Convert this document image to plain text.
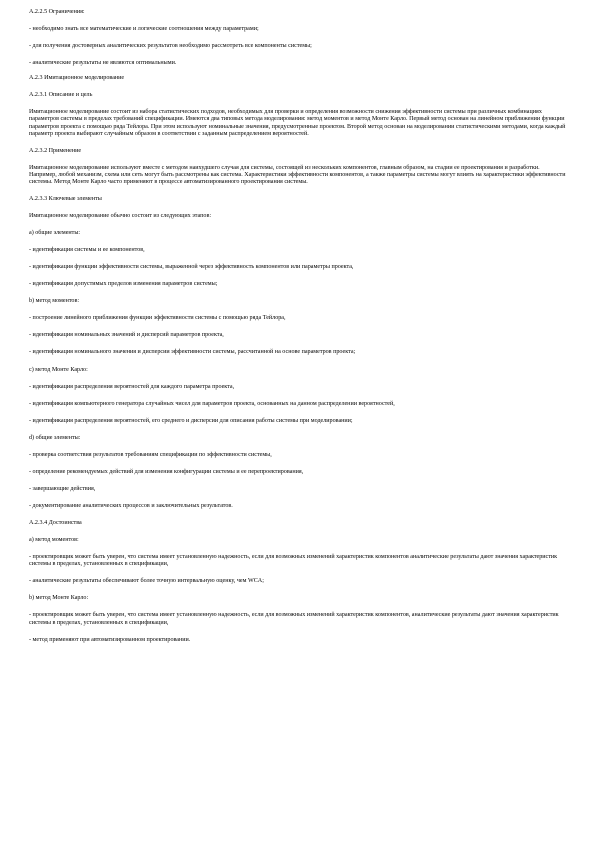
А.2.2.5 Ограничения:

- необходимо знать все математические и логические соотношения между параметрами;

- для получения достоверных аналитических результатов необходимо рассмотреть все компоненты системы;

- аналитические результаты не являются оптимальными.

А.2.3 Имитационное моделирование

А.2.3.1 Описание и цель

Имитационное моделирование состоит из набора статистических подходов, необходимых для проверки и определения возможности снижения эффективности системы при различных комбинациях параметров системы в пределах требований спецификации. Имеются два типовых метода моделирования: метод моментов и метод Монте Карло. Первый метод основан на линейном приближении функции параметров проекта с помощью ряда Тейлора. При этом используют номинальные значения, предусмотренные проектом. Второй метод основан на моделировании статистическими методами, когда каждый параметр проекта выбирают случайным образом в соответствии с заданным распределением вероятностей.

А.2.3.2 Применение

Имитационное моделирование используют вместе с методом наихудшего случая для системы, состоящей из нескольких компонентов, главным образом, на стадии ее проектирования и разработки. Например, любой механизм, схема или сеть могут быть рассмотрены как система. Характеристики эффективности компонентов, а также параметры системы могут влиять на характеристики эффективности системы. Метод Монте Карло часто применяют в процессе автоматизированного проектирования системы.

А.2.3.3 Ключевые элементы

Имитационное моделирование обычно состоит из следующих этапов:

a) общие элементы:

- идентификация системы и ее компонентов,

- идентификация функции эффективности системы, выраженной через эффективность компонентов или параметры проекта,

- идентификация допустимых пределов изменения параметров системы;

b) метод моментов:

- построение линейного приближения функции эффективности системы с помощью ряда Тейлора,

- идентификация номинальных значений и дисперсий параметров проекта,

- идентификация номинального значения и дисперсии эффективности системы, рассчитанной на основе параметров проекта;

c) метод Монте Карло:

- идентификация распределения вероятностей для каждого параметра проекта,

- идентификация компьютерного генератора случайных чисел для параметров проекта, основанных на данном распределении вероятностей,

- идентификация распределения вероятностей, его среднего и дисперсии для описания работы системы при моделировании;

d) общие элементы:

- проверка соответствия результатов требованиям спецификации по эффективности системы,

- определение рекомендуемых действий для изменения конфигурации системы и ее перепроектирования,

- завершающие действия,

- документирование аналитических процессов и заключительных результатов.

А.2.3.4 Достоинства

a) метод моментов:

- проектировщик может быть уверен, что система имеет установленную надежность, если для возможных изменений характеристик компонентов аналитические результаты дают значения характеристик системы в пределах, установленных в спецификации,

- аналитические результаты обеспечивают более точную интервальную оценку, чем WCA;

b) метод Монте Карло:

- проектировщик может быть уверен, что система имеет установленную надежность, если для возможных изменений характеристик компонентов, аналитические результаты дают значения характеристик системы в пределах, установленных в спецификации,

- метод применяют при автоматизированном проектировании.
